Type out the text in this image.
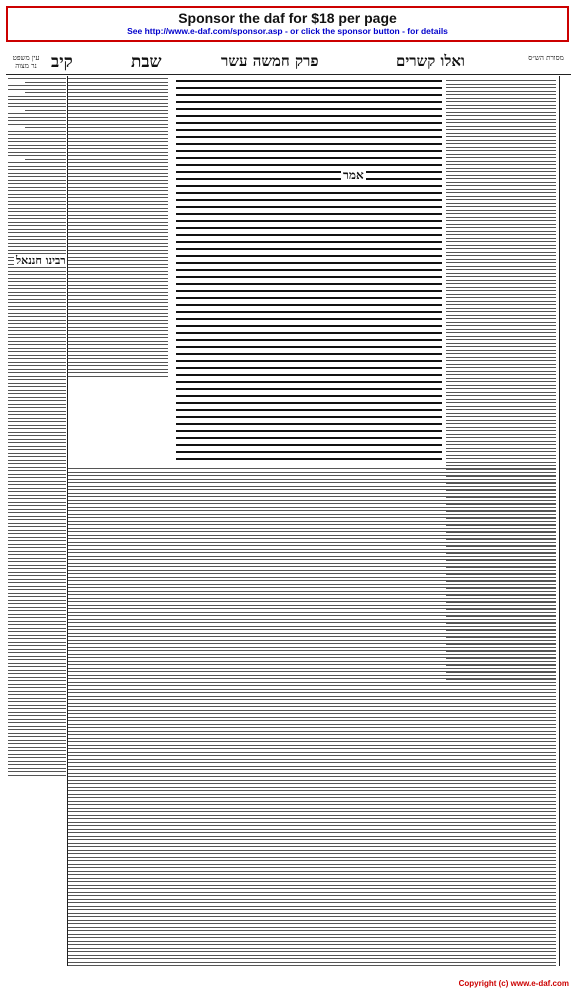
Sponsor the daf for $18 per page
See http://www.e-daf.com/sponsor.asp - or click the sponsor button - for details
מסורת הש״ס
קיב	שבת	פרק חמשה עשר	ואלו קשרים
עין משפט נר מצוה
רבינו חננאל
אמר
Copyright (c) www.e-daf.com
